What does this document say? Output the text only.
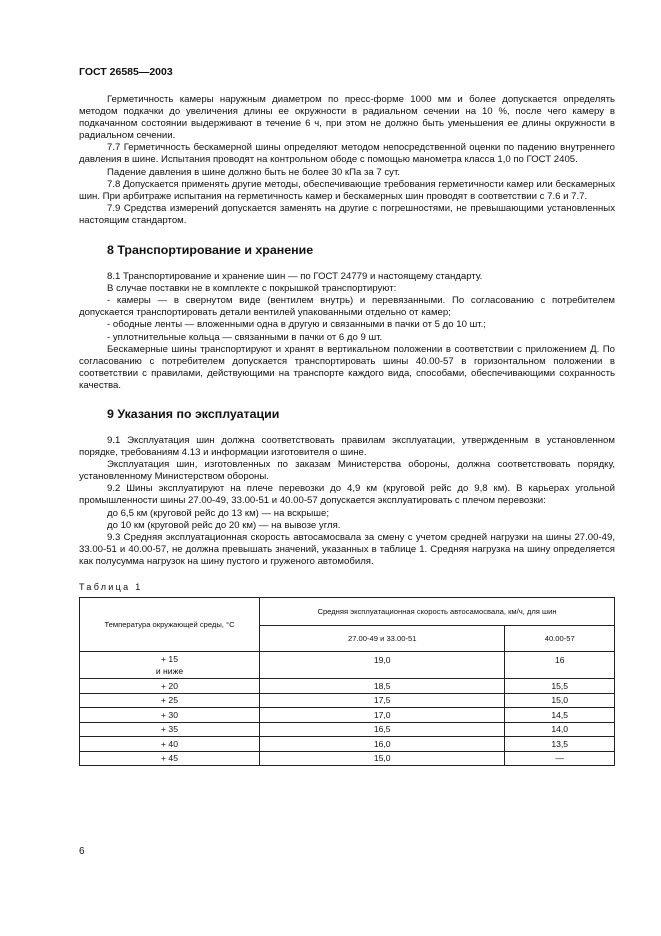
ГОСТ 26585—2003

Герметичность камеры наружным диаметром по пресс-форме 1000 мм и более допускается определять методом подкачки до увеличения длины ее окружности в радиальном сечении на 10 %, после чего камеру в подкачанном состоянии выдерживают в течение 6 ч, при этом не должно быть уменьшения ее длины окружности в радиальном сечении.

7.7 Герметичность бескамерной шины определяют методом непосредственной оценки по падению внутреннего давления в шине. Испытания проводят на контрольном ободе с помощью манометра класса 1,0 по ГОСТ 2405.

Падение давления в шине должно быть не более 30 кПа за 7 сут.

7.8 Допускается применять другие методы, обеспечивающие требования герметичности камер или бескамерных шин. При арбитраже испытания на герметичность камер и бескамерных шин проводят в соответствии с 7.6 и 7.7.

7.9 Средства измерений допускается заменять на другие с погрешностями, не превышающими установленных настоящим стандартом.

8 Транспортирование и хранение

8.1 Транспортирование и хранение шин — по ГОСТ 24779 и настоящему стандарту.

В случае поставки не в комплекте с покрышкой транспортируют:

- камеры — в свернутом виде (вентилем внутрь) и перевязанными. По согласованию с потребителем допускается транспортировать детали вентилей упакованными отдельно от камер;

- ободные ленты — вложенными одна в другую и связанными в пачки от 5 до 10 шт.;

- уплотнительные кольца — связанными в пачки от 6 до 9 шт.

Бескамерные шины транспортируют и хранят в вертикальном положении в соответствии с приложением Д. По согласованию с потребителем допускается транспортировать шины 40.00-57 в горизонтальном положении в соответствии с правилами, действующими на транспорте каждого вида, способами, обеспечивающими сохранность качества.

9 Указания по эксплуатации

9.1 Эксплуатация шин должна соответствовать правилам эксплуатации, утвержденным в установленном порядке, требованиям 4.13 и информации изготовителя о шине.

Эксплуатация шин, изготовленных по заказам Министерства обороны, должна соответствовать порядку, установленному Министерством обороны.

9.2 Шины эксплуатируют на плече перевозки до 4,9 км (круговой рейс до 9,8 км). В карьерах угольной промышленности шины 27.00-49, 33.00-51 и 40.00-57 допускается эксплуатировать с плечом перевозки:

до 6,5 км (круговой рейс до 13 км) — на вскрыше;

до 10 км (круговой рейс до 20 км) — на вывозе угля.

9.3 Средняя эксплуатационная скорость автосамосвала за смену с учетом средней нагрузки на шины 27.00-49, 33.00-51 и 40.00-57, не должна превышать значений, указанных в таблице 1. Средняя нагрузка на шину определяется как полусумма нагрузок на шину пустого и груженого автомобиля.

Таблица 1
Температура окружающей среды, °С	Средняя эксплуатационная скорость автосамосвала, км/ч, для шин	
	27.00-49 и 33.00-51	40.00-57
+ 15
и ниже	19,0	16
+ 20	18,5	15,5
+ 25	17,5	15,0
+ 30	17,0	14,5
+ 35	16,5	14,0
+ 40	16,0	13,5
+ 45	15,0	—
6
